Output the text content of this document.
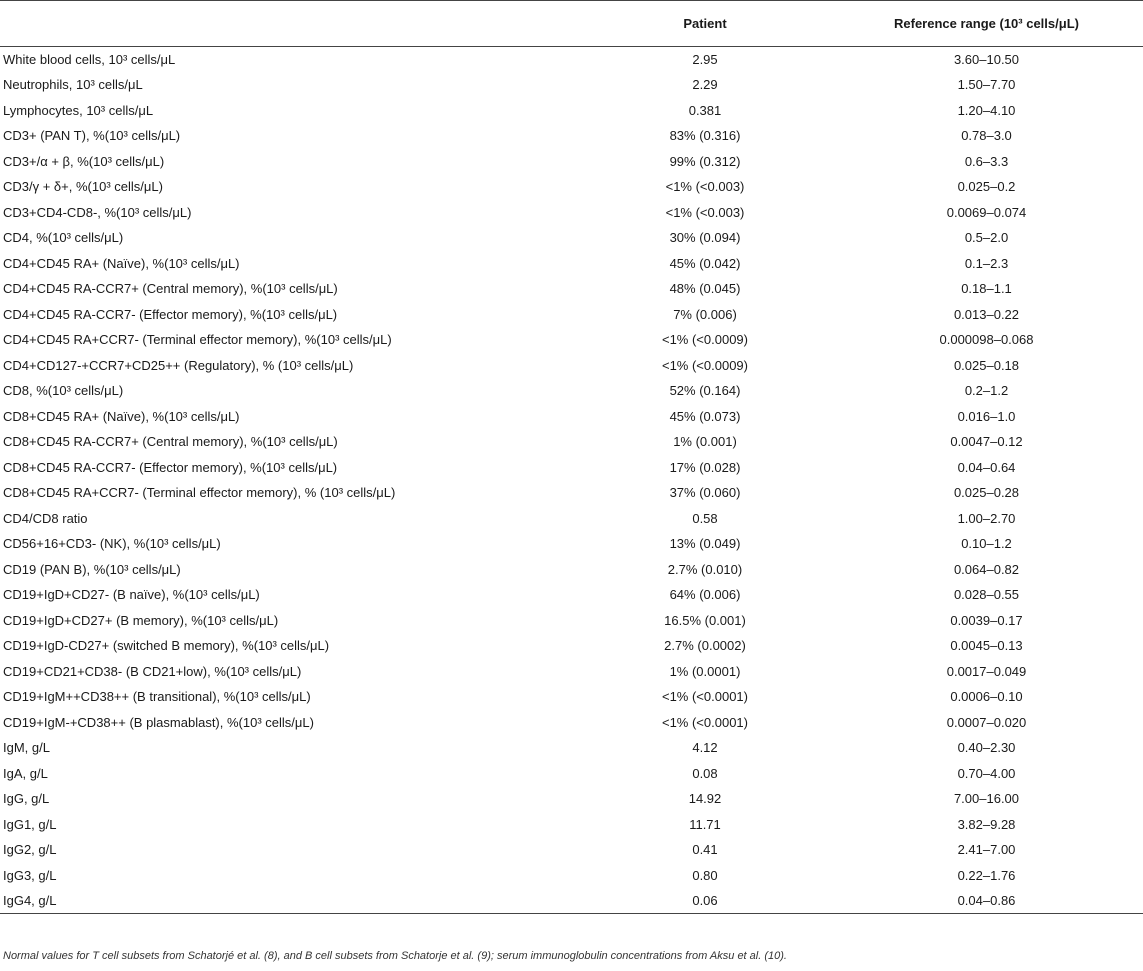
	Patient	Reference range (10³ cells/μL)
White blood cells, 10³ cells/μL	2.95	3.60–10.50
Neutrophils, 10³ cells/μL	2.29	1.50–7.70
Lymphocytes, 10³ cells/μL	0.381	1.20–4.10
CD3+ (PAN T), %(10³ cells/μL)	83% (0.316)	0.78–3.0
CD3+/α + β, %(10³ cells/μL)	99% (0.312)	0.6–3.3
CD3/γ + δ+, %(10³ cells/μL)	<1% (<0.003)	0.025–0.2
CD3+CD4-CD8-, %(10³ cells/μL)	<1% (<0.003)	0.0069–0.074
CD4, %(10³ cells/μL)	30% (0.094)	0.5–2.0
CD4+CD45 RA+ (Naïve), %(10³ cells/μL)	45% (0.042)	0.1–2.3
CD4+CD45 RA-CCR7+ (Central memory), %(10³ cells/μL)	48% (0.045)	0.18–1.1
CD4+CD45 RA-CCR7- (Effector memory), %(10³ cells/μL)	7% (0.006)	0.013–0.22
CD4+CD45 RA+CCR7- (Terminal effector memory), %(10³ cells/μL)	<1% (<0.0009)	0.000098–0.068
CD4+CD127-+CCR7+CD25++ (Regulatory), % (10³ cells/μL)	<1% (<0.0009)	0.025–0.18
CD8, %(10³ cells/μL)	52% (0.164)	0.2–1.2
CD8+CD45 RA+ (Naïve), %(10³ cells/μL)	45% (0.073)	0.016–1.0
CD8+CD45 RA-CCR7+ (Central memory), %(10³ cells/μL)	1% (0.001)	0.0047–0.12
CD8+CD45 RA-CCR7- (Effector memory), %(10³ cells/μL)	17% (0.028)	0.04–0.64
CD8+CD45 RA+CCR7- (Terminal effector memory), % (10³ cells/μL)	37% (0.060)	0.025–0.28
CD4/CD8 ratio	0.58	1.00–2.70
CD56+16+CD3- (NK), %(10³ cells/μL)	13% (0.049)	0.10–1.2
CD19 (PAN B), %(10³ cells/μL)	2.7% (0.010)	0.064–0.82
CD19+IgD+CD27- (B naïve), %(10³ cells/μL)	64% (0.006)	0.028–0.55
CD19+IgD+CD27+ (B memory), %(10³ cells/μL)	16.5% (0.001)	0.0039–0.17
CD19+IgD-CD27+ (switched B memory), %(10³ cells/μL)	2.7% (0.0002)	0.0045–0.13
CD19+CD21+CD38- (B CD21+low), %(10³ cells/μL)	1% (0.0001)	0.0017–0.049
CD19+IgM++CD38++ (B transitional), %(10³ cells/μL)	<1% (<0.0001)	0.0006–0.10
CD19+IgM-+CD38++ (B plasmablast), %(10³ cells/μL)	<1% (<0.0001)	0.0007–0.020
IgM, g/L	4.12	0.40–2.30
IgA, g/L	0.08	0.70–4.00
IgG, g/L	14.92	7.00–16.00
IgG1, g/L	11.71	3.82–9.28
IgG2, g/L	0.41	2.41–7.00
IgG3, g/L	0.80	0.22–1.76
IgG4, g/L	0.06	0.04–0.86
Normal values for T cell subsets from Schatorjé et al. (8), and B cell subsets from Schatorje et al. (9); serum immunoglobulin concentrations from Aksu et al. (10).
